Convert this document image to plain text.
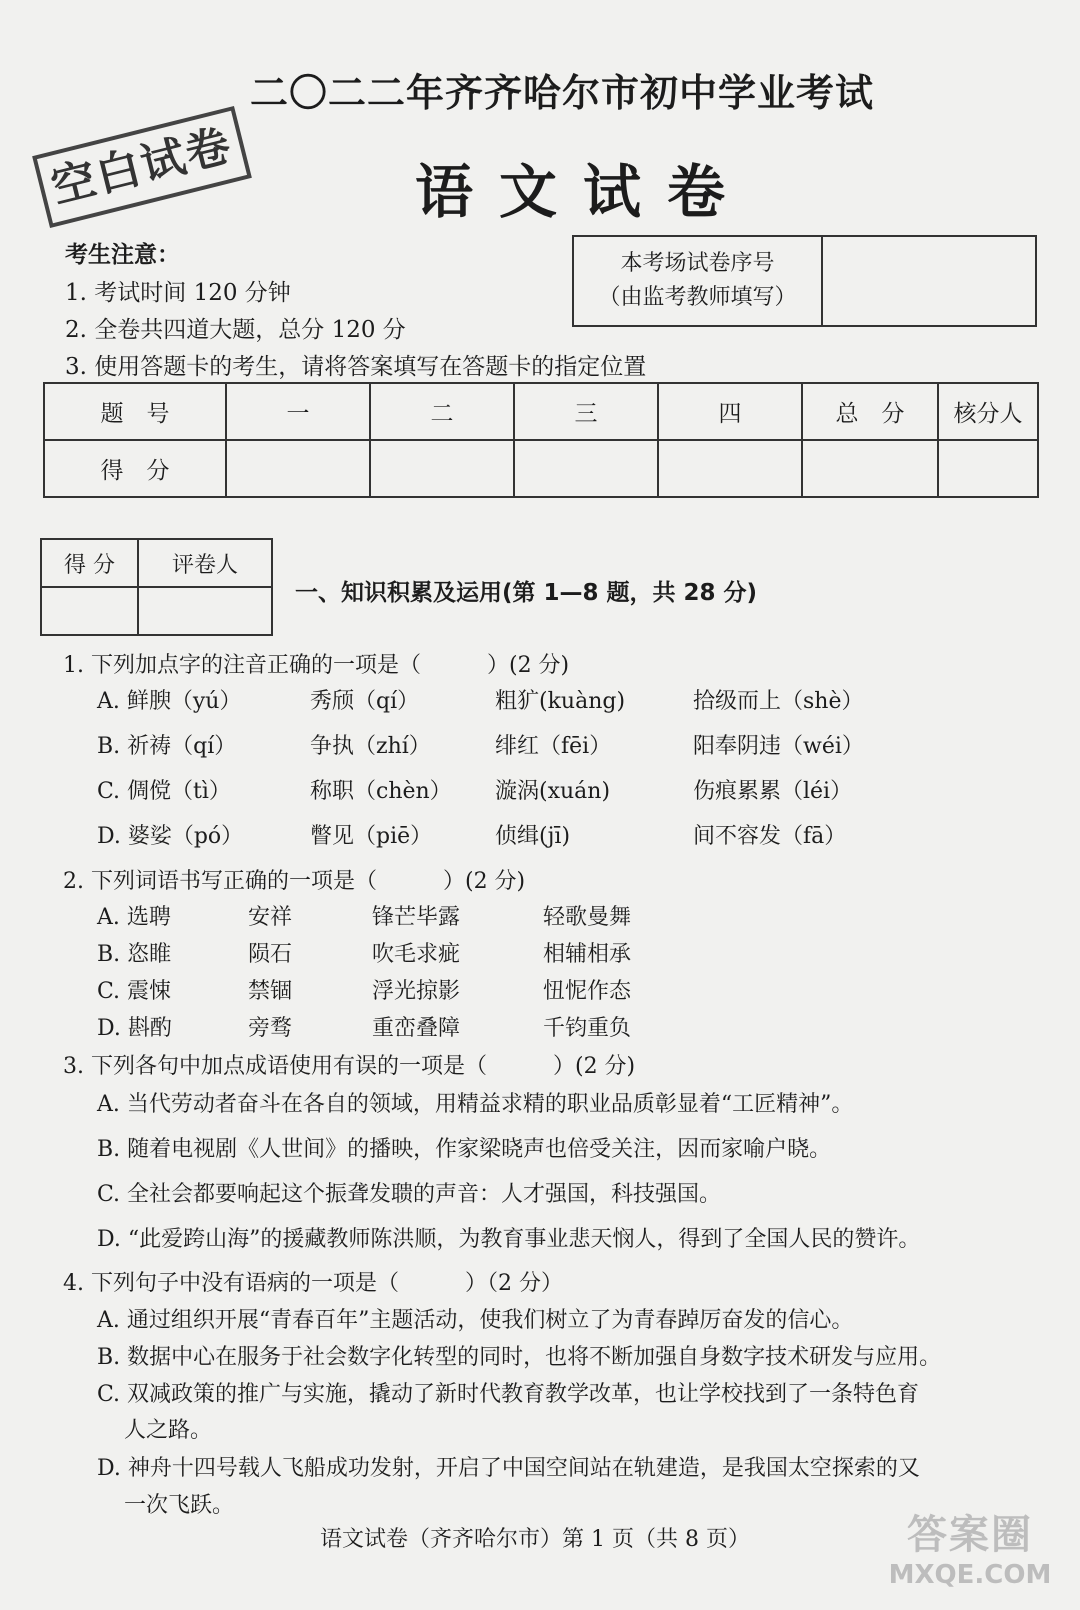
空白试卷
二〇二二年齐齐哈尔市初中学业考试
语文试卷
考生注意：
1. 考试时间 120 分钟
2. 全卷共四道大题，总分 120 分
3. 使用答题卡的考生，请将答案填写在答题卡的指定位置
本考场试卷序号
（由监考教师填写）

题　号	一	二	三	四	总　分	核分人
得　分						
得 分	评卷人

一、知识积累及运用(第 1—8 题，共 28 分)
1. 下列加点字的注音正确的一项是（　　　）(2 分)
A. 鲜腴（yú）	秀颀（qí）	粗犷(kuàng)	拾级而上（shè）
B. 祈祷（qí）	争执（zhí）	绯红（fēi）	阳奉阴违（wéi）
C. 倜傥（tì）	称职（chèn） 漩涡(xuán)	伤痕累累（léi）
D. 婆娑（pó）	瞥见（piē）	侦缉(jī)	间不容发（fā）
2. 下列词语书写正确的一项是（　　　）(2 分)
A. 选聘	安祥	锋芒毕露	轻歌曼舞
B. 恣睢	陨石	吹毛求疵	相辅相承
C. 震悚	禁锢	浮光掠影	忸怩作态
D. 斟酌	旁骛	重峦叠障	千钧重负
3. 下列各句中加点成语使用有误的一项是（　　　）(2 分)
A. 当代劳动者奋斗在各自的领域，用精益求精的职业品质彰显着“工匠精神”。
B. 随着电视剧《人世间》的播映，作家梁晓声也倍受关注，因而家喻户晓。
C. 全社会都要响起这个振聋发聩的声音：人才强国，科技强国。
D. “此爱跨山海”的援藏教师陈洪顺，为教育事业悲天悯人，得到了全国人民的赞许。
4. 下列句子中没有语病的一项是（　　　）（2 分）
A. 通过组织开展“青春百年”主题活动，使我们树立了为青春踔厉奋发的信心。
B. 数据中心在服务于社会数字化转型的同时，也将不断加强自身数字技术研发与应用。
C. 双减政策的推广与实施，撬动了新时代教育教学改革，也让学校找到了一条特色育
人之路。
D. 神舟十四号载人飞船成功发射，开启了中国空间站在轨建造，是我国太空探索的又
一次飞跃。
语文试卷（齐齐哈尔市）第 1 页（共 8 页）	答案圈
MXQE.COM
